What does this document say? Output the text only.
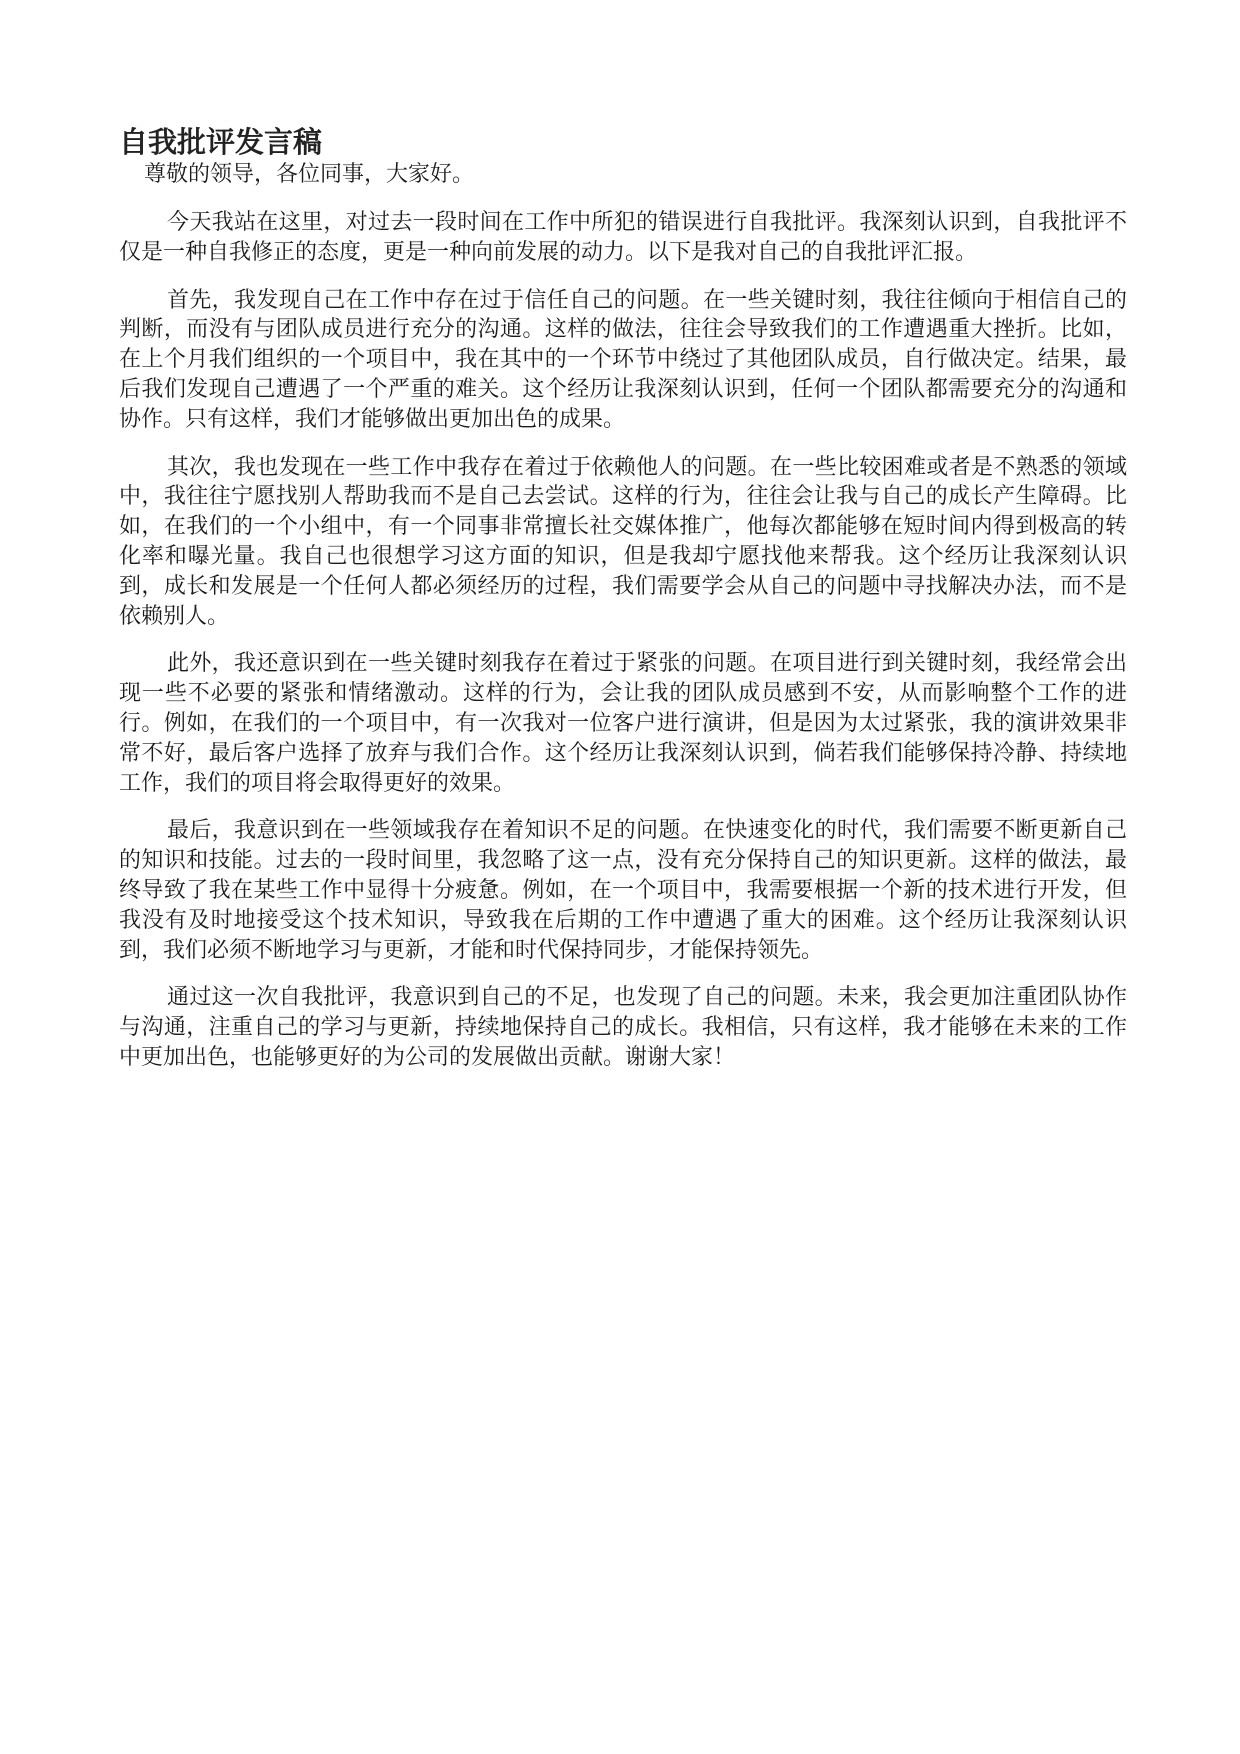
自我批评发言稿

尊敬的领导，各位同事，大家好。

今天我站在这里，对过去一段时间在工作中所犯的错误进行自我批评。我深刻认识到，自我批评不仅是一种自我修正的态度，更是一种向前发展的动力。以下是我对自己的自我批评汇报。

首先，我发现自己在工作中存在过于信任自己的问题。在一些关键时刻，我往往倾向于相信自己的判断，而没有与团队成员进行充分的沟通。这样的做法，往往会导致我们的工作遭遇重大挫折。比如，在上个月我们组织的一个项目中，我在其中的一个环节中绕过了其他团队成员，自行做决定。结果，最后我们发现自己遭遇了一个严重的难关。这个经历让我深刻认识到，任何一个团队都需要充分的沟通和协作。只有这样，我们才能够做出更加出色的成果。

其次，我也发现在一些工作中我存在着过于依赖他人的问题。在一些比较困难或者是不熟悉的领域中，我往往宁愿找别人帮助我而不是自己去尝试。这样的行为，往往会让我与自己的成长产生障碍。比如，在我们的一个小组中，有一个同事非常擅长社交媒体推广，他每次都能够在短时间内得到极高的转化率和曝光量。我自己也很想学习这方面的知识，但是我却宁愿找他来帮我。这个经历让我深刻认识到，成长和发展是一个任何人都必须经历的过程，我们需要学会从自己的问题中寻找解决办法，而不是依赖别人。

此外，我还意识到在一些关键时刻我存在着过于紧张的问题。在项目进行到关键时刻，我经常会出现一些不必要的紧张和情绪激动。这样的行为，会让我的团队成员感到不安，从而影响整个工作的进行。例如，在我们的一个项目中，有一次我对一位客户进行演讲，但是因为太过紧张，我的演讲效果非常不好，最后客户选择了放弃与我们合作。这个经历让我深刻认识到，倘若我们能够保持冷静、持续地工作，我们的项目将会取得更好的效果。

最后，我意识到在一些领域我存在着知识不足的问题。在快速变化的时代，我们需要不断更新自己的知识和技能。过去的一段时间里，我忽略了这一点，没有充分保持自己的知识更新。这样的做法，最终导致了我在某些工作中显得十分疲惫。例如，在一个项目中，我需要根据一个新的技术进行开发，但我没有及时地接受这个技术知识，导致我在后期的工作中遭遇了重大的困难。这个经历让我深刻认识到，我们必须不断地学习与更新，才能和时代保持同步，才能保持领先。

通过这一次自我批评，我意识到自己的不足，也发现了自己的问题。未来，我会更加注重团队协作与沟通，注重自己的学习与更新，持续地保持自己的成长。我相信，只有这样，我才能够在未来的工作中更加出色，也能够更好的为公司的发展做出贡献。谢谢大家！
